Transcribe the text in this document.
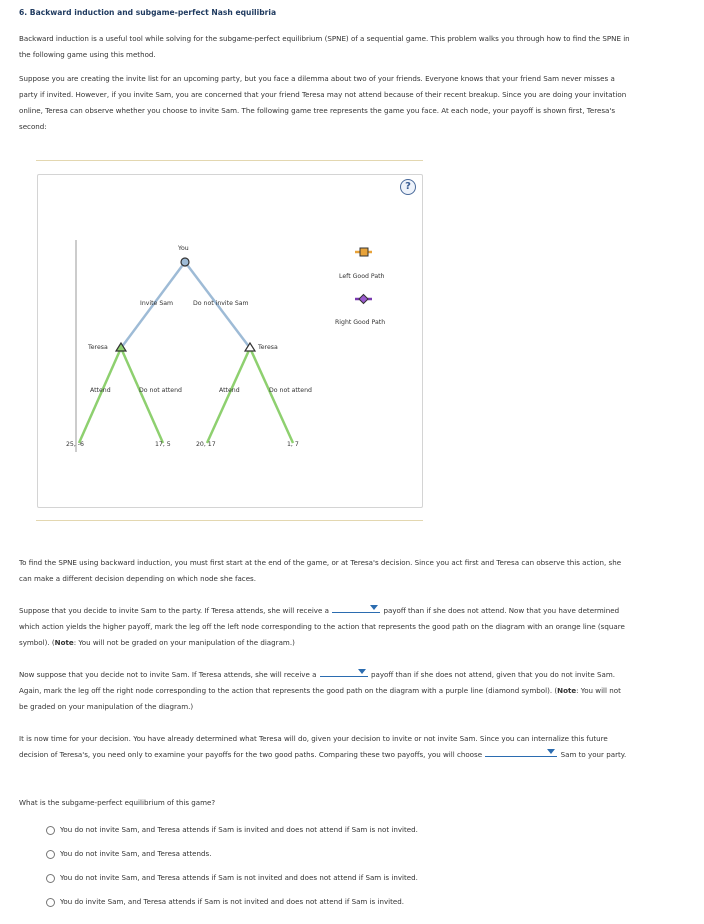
6. Backward induction and subgame-perfect Nash equilibria
Backward induction is a useful tool while solving for the subgame-perfect equilibrium (SPNE) of a sequential game. This problem walks you through how to find the SPNE in the following game using this method.
Suppose you are creating the invite list for an upcoming party, but you face a dilemma about two of your friends. Everyone knows that your friend Sam never misses a party if invited. However, if you invite Sam, you are concerned that your friend Teresa may not attend because of their recent breakup. Since you are doing your invitation online, Teresa can observe whether you choose to invite Sam. The following game tree represents the game you face. At each node, your payoff is shown first, Teresa's second:
?
You
Invite Sam	Do not invite Sam
Teresa	Teresa
Attend	Do not attend	Attend	Do not attend
25, -6	17, 5	20, 17	1, 7
Left Good Path
Right Good Path
To find the SPNE using backward induction, you must first start at the end of the game, or at Teresa's decision. Since you act first and Teresa can observe this action, she can make a different decision depending on which node she faces.
Suppose that you decide to invite Sam to the party. If Teresa attends, she will receive a	payoff than if she does not attend. Now that you have determined which action yields the higher payoff, mark the leg off the left node corresponding to the action that represents the good path on the diagram with an orange line (square symbol). (Note: You will not be graded on your manipulation of the diagram.)
Now suppose that you decide not to invite Sam. If Teresa attends, she will receive a	payoff than if she does not attend, given that you do not invite Sam. Again, mark the leg off the right node corresponding to the action that represents the good path on the diagram with a purple line (diamond symbol). (Note: You will not be graded on your manipulation of the diagram.)
It is now time for your decision. You have already determined what Teresa will do, given your decision to invite or not invite Sam. Since you can internalize this future decision of Teresa's, you need only to examine your payoffs for the two good paths. Comparing these two payoffs, you will choose	Sam to your party.
What is the subgame-perfect equilibrium of this game?
You do not invite Sam, and Teresa attends if Sam is invited and does not attend if Sam is not invited.
You do not invite Sam, and Teresa attends.
You do not invite Sam, and Teresa attends if Sam is not invited and does not attend if Sam is invited.
You do invite Sam, and Teresa attends if Sam is not invited and does not attend if Sam is invited.
